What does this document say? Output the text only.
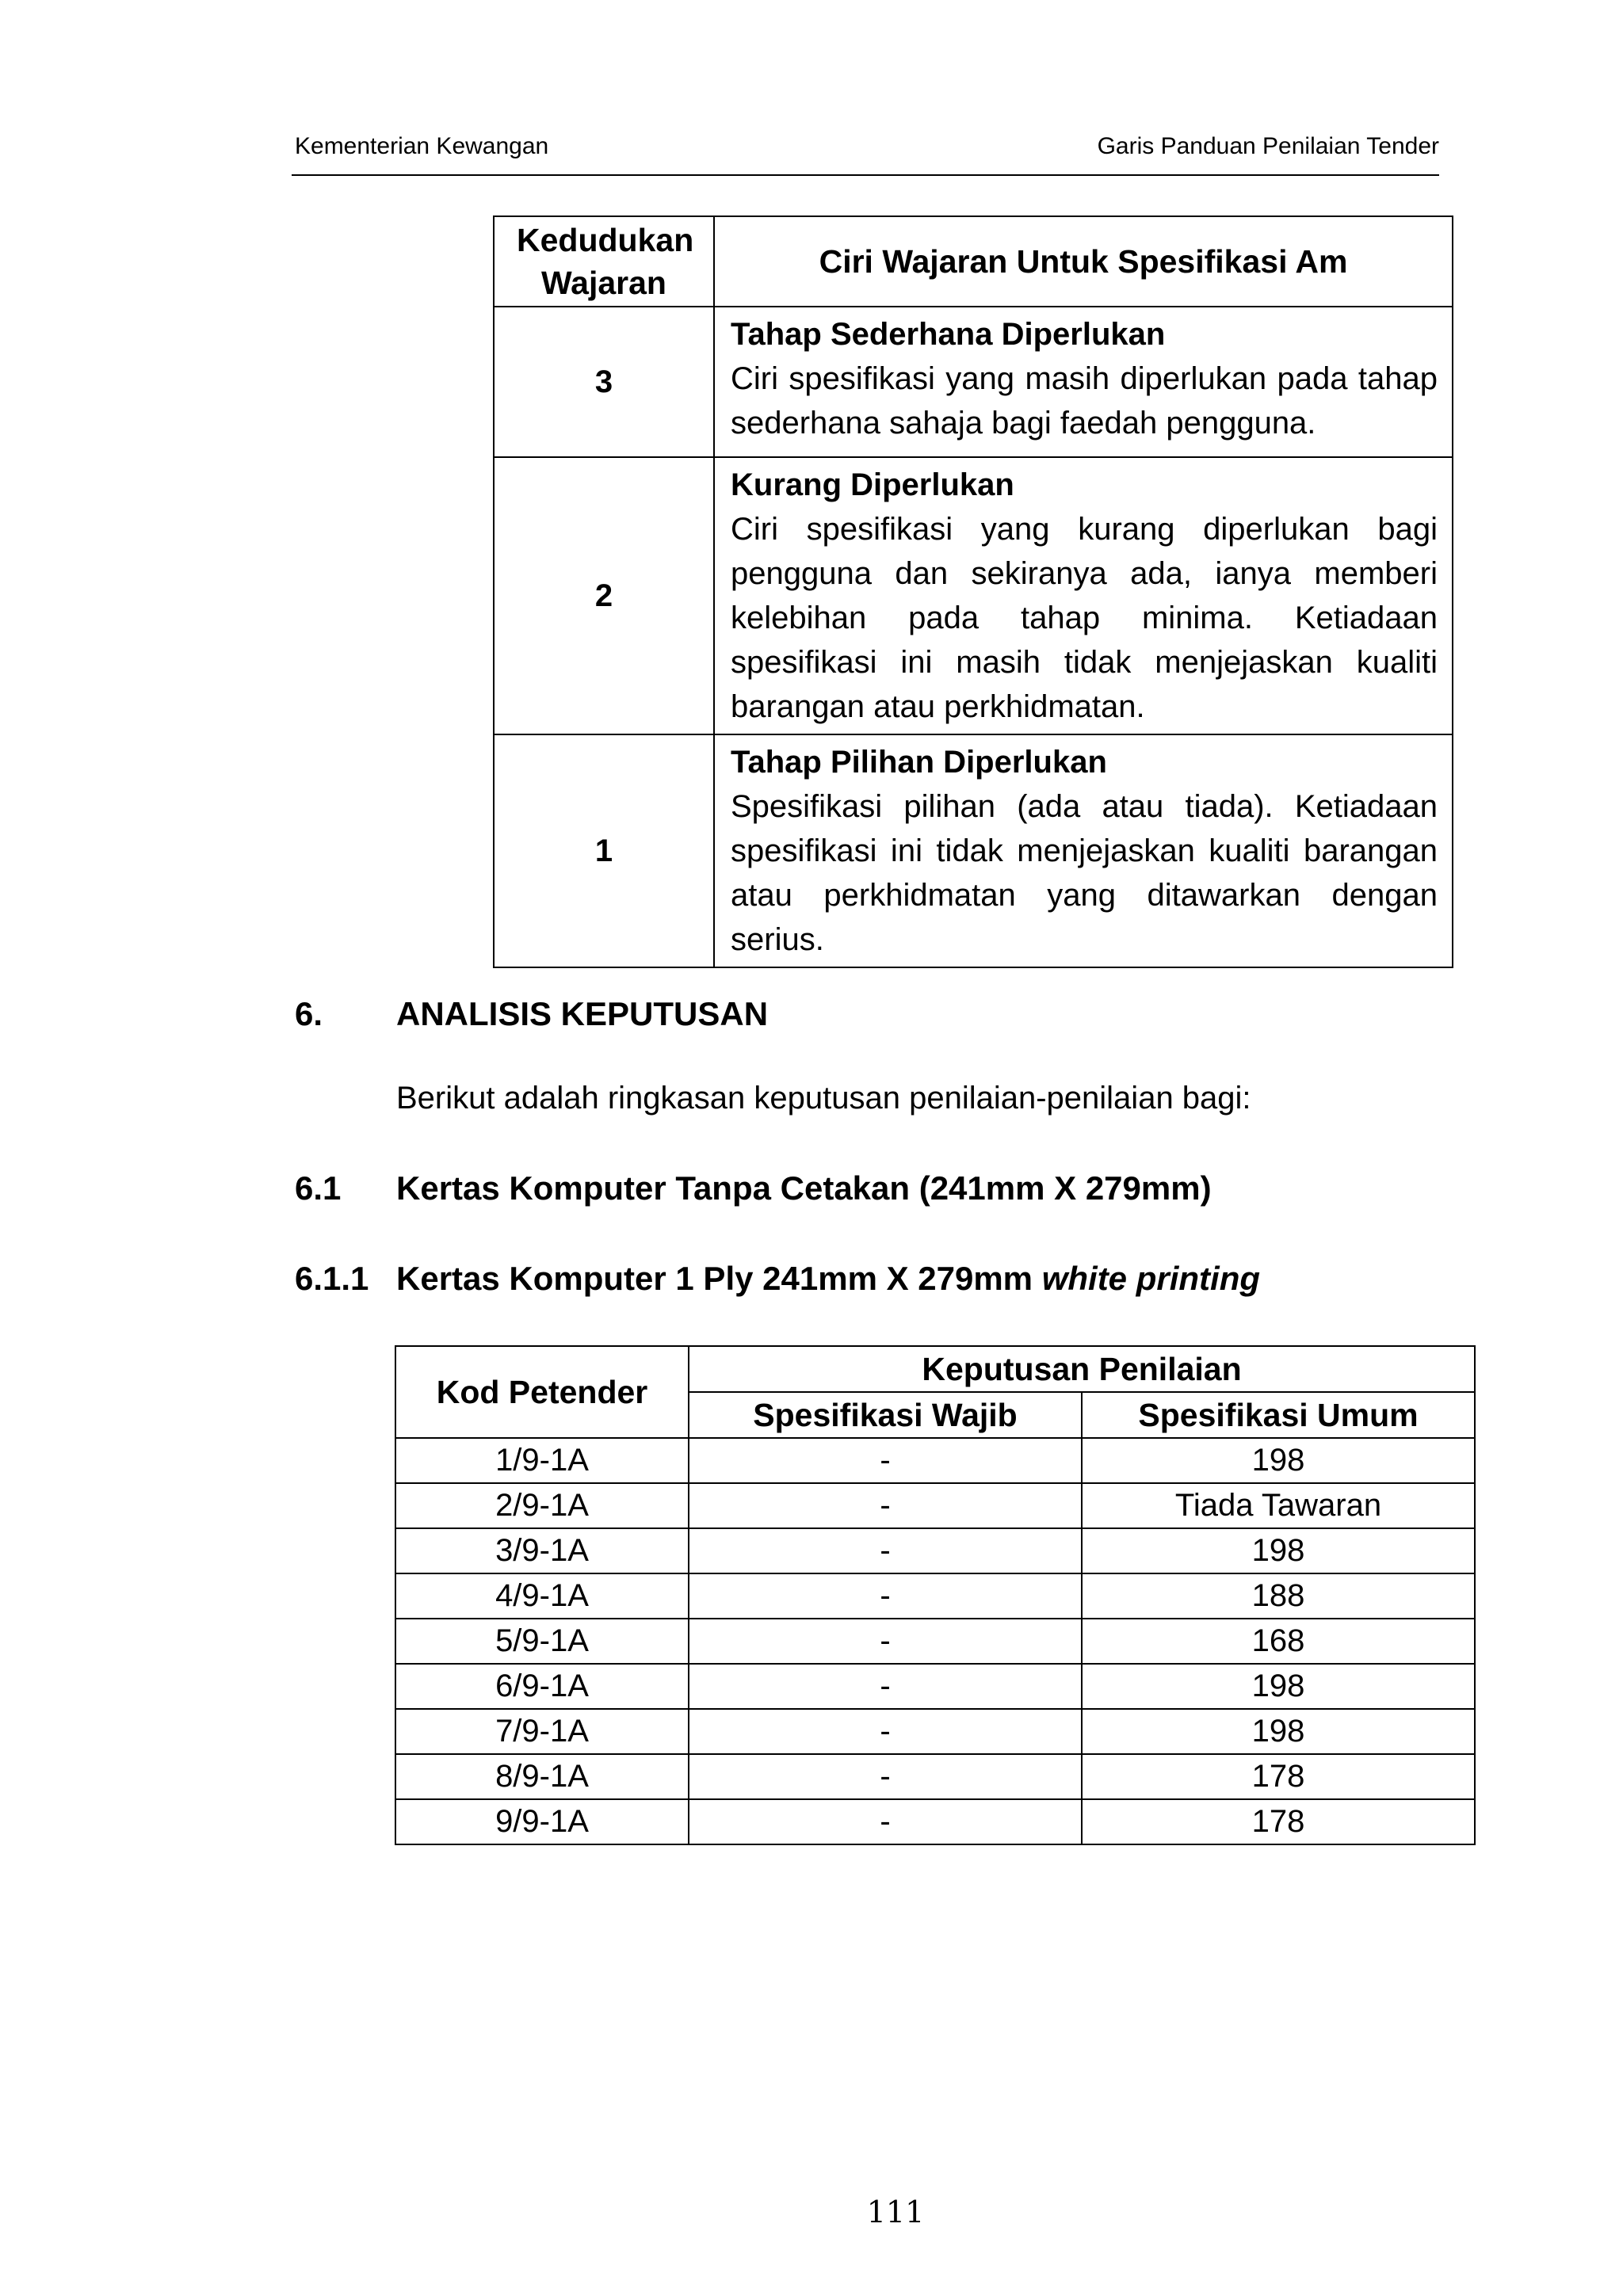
Kementerian Kewangan	Garis Panduan Penilaian Tender
Kedudukan Wajaran	Ciri Wajaran Untuk Spesifikasi Am
3	Tahap Sederhana Diperlukan
Ciri spesifikasi yang masih diperlukan pada tahap sederhana sahaja bagi faedah pengguna.

2	Kurang Diperlukan
Ciri spesifikasi yang kurang diperlukan bagi pengguna dan sekiranya ada, ianya memberi kelebihan pada tahap minima. Ketiadaan spesifikasi ini masih tidak menjejaskan kualiti barangan atau perkhidmatan.

1	Tahap Pilihan Diperlukan
Spesifikasi pilihan (ada atau tiada). Ketiadaan spesifikasi ini tidak menjejaskan kualiti barangan atau perkhidmatan yang ditawarkan dengan serius.
6. ANALISIS KEPUTUSAN
Berikut adalah ringkasan keputusan penilaian-penilaian bagi:
6.1 Kertas Komputer Tanpa Cetakan (241mm X 279mm)
6.1.1 Kertas Komputer 1 Ply 241mm X 279mm white printing
Kod Petender	Keputusan Penilaian	
	Spesifikasi Wajib	Spesifikasi Umum
1/9-1A	-	198
2/9-1A	-	Tiada Tawaran
3/9-1A	-	198
4/9-1A	-	188
5/9-1A	-	168
6/9-1A	-	198
7/9-1A	-	198
8/9-1A	-	178
9/9-1A	-	178
111
